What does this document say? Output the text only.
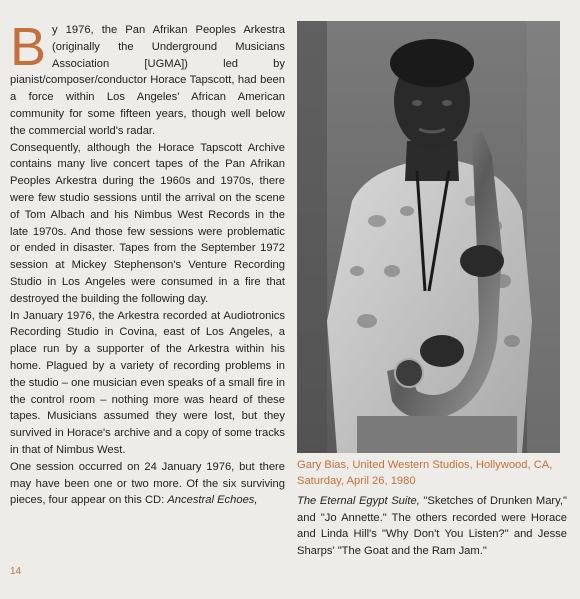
By 1976, the Pan Afrikan Peoples Arkestra (originally the Underground Musicians Association [UGMA]) led by pianist/composer/conductor Horace Tapscott, had been a force within Los Angeles' African American community for some fifteen years, though well below the commercial world's radar.

Consequently, although the Horace Tapscott Archive contains many live concert tapes of the Pan Afrikan Peoples Arkestra during the 1960s and 1970s, there were few studio sessions until the arrival on the scene of Tom Albach and his Nimbus West Records in the late 1970s. And those few sessions were problematic or ended in disaster. Tapes from the September 1972 session at Mickey Stephenson's Venture Recording Studio in Los Angeles were consumed in a fire that destroyed the building the following day.

In January 1976, the Arkestra recorded at Audiotronics Recording Studio in Covina, east of Los Angeles, a place run by a supporter of the Arkestra within his home. Plagued by a variety of recording problems in the studio – one musician even speaks of a small fire in the control room – nothing more was heard of these tapes. Musicians assumed they were lost, but they survived in Horace's archive and a copy of some tracks in that of Nimbus West.

One session occurred on 24 January 1976, but there may have been one or two more. Of the six surviving pieces, four appear on this CD: Ancestral Echoes,

Gary Bias, United Western Studios, Hollywood, CA, Saturday, April 26, 1980
The Eternal Egypt Suite, "Sketches of Drunken Mary," and "Jo Annette." The others recorded were Horace and Linda Hill's "Why Don't You Listen?" and Jesse Sharps' "The Goat and the Ram Jam."
14
